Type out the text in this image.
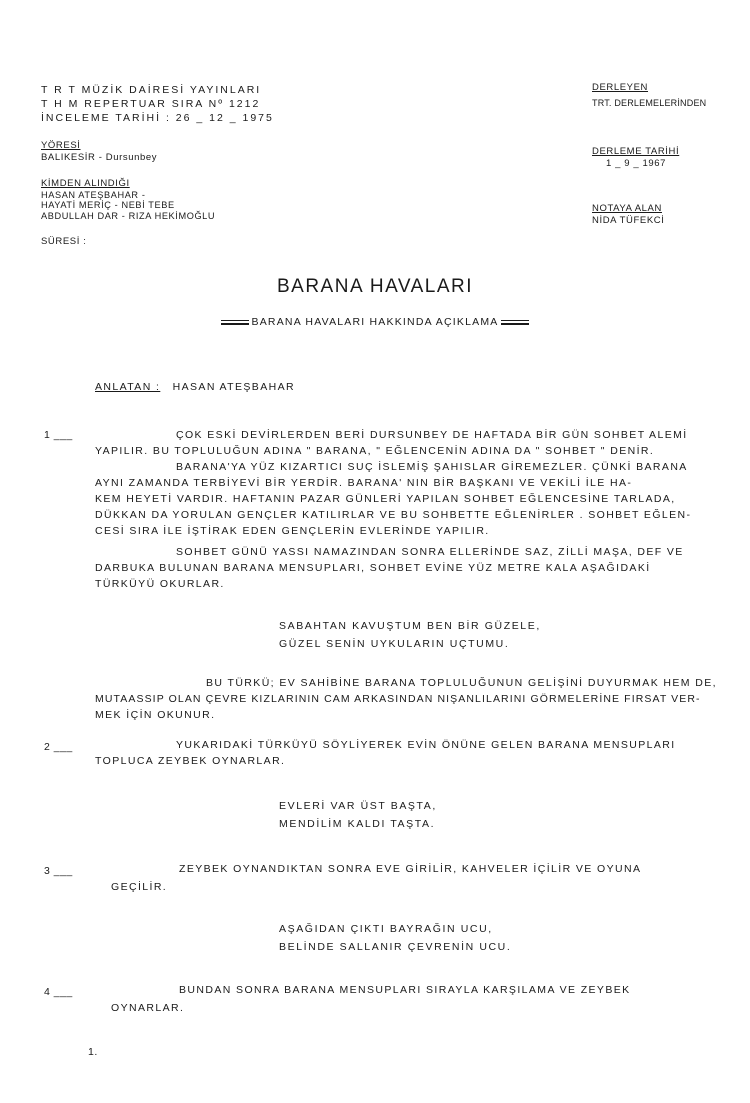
T R T MÜZİK DAİRESİ YAYINLARI
T H M REPERTUAR SIRA Nº 1212
İNCELEME TARİHİ : 26 _ 12 _ 1975
YÖRESİ
BALIKESİR - Dursunbey
KİMDEN ALINDIĞI
HASAN ATEŞBAHAR -
HAYATİ MERİÇ - NEBİ TEBE
ABDULLAH DAR - RIZA HEKİMOĞLU
SÜRESİ :
DERLEYEN
TRT. DERLEMELERİNDEN
DERLEME TARİHİ
1 _ 9 _ 1967
NOTAYA ALAN
NİDA TÜFEKCİ
BARANA HAVALARI
BARANA HAVALARI HAKKINDA AÇIKLAMA
ANLATAN : HASAN ATEŞBAHAR
1 ___	ÇOK ESKİ DEVİRLERDEN BERİ DURSUNBEY DE HAFTADA BİR GÜN SOHBET ALEMİ
YAPILIR. BU TOPLULUĞUN ADINA " BARANA, " EĞLENCENİN ADINA DA " SOHBET " DENİR.
BARANA'YA YÜZ KIZARTICI SUÇ İSLEMİŞ ŞAHISLAR GİREMEZLER. ÇÜNKİ BARANA
AYNI ZAMANDA TERBİYEVİ BİR YERDİR. BARANA' NIN BİR BAŞKANI VE VEKİLİ İLE HA-
KEM HEYETİ VARDIR. HAFTANIN PAZAR GÜNLERİ YAPILAN SOHBET EĞLENCESİNE TARLADA,
DÜKKAN DA YORULAN GENÇLER KATILIRLAR VE BU SOHBETTE EĞLENİRLER . SOHBET EĞLEN-
CESİ SIRA İLE İŞTİRAK EDEN GENÇLERİN EVLERİNDE YAPILIR.
SOHBET GÜNÜ YASSI NAMAZINDAN SONRA ELLERİNDE SAZ, ZİLLİ MAŞA, DEF VE
DARBUKA BULUNAN BARANA MENSUPLARI, SOHBET EVİNE YÜZ METRE KALA AŞAĞIDAKİ
TÜRKÜYÜ OKURLAR.
SABAHTAN KAVUŞTUM BEN BİR GÜZELE,
GÜZEL SENİN UYKULARIN UÇTUMU.
BU TÜRKÜ; EV SAHİBİNE BARANA TOPLULUĞUNUN GELİŞİNİ DUYURMAK HEM DE,
MUTAASSIP OLAN ÇEVRE KIZLARININ CAM ARKASINDAN NIŞANLILARINI GÖRMELERİNE FIRSAT VER-
MEK İÇİN OKUNUR.
2 ___	YUKARIDAKİ TÜRKÜYÜ SÖYLİYEREK EVİN ÖNÜNE GELEN BARANA MENSUPLARI
TOPLUCA ZEYBEK OYNARLAR.
EVLERİ VAR ÜST BAŞTA,
MENDİLİM KALDI TAŞTA.
3 ___	ZEYBEK OYNANDIKTAN SONRA EVE GİRİLİR, KAHVELER İÇİLİR VE OYUNA
GEÇİLİR.
AŞAĞIDAN ÇIKTI BAYRAĞIN UCU,
BELİNDE SALLANIR ÇEVRENİN UCU.
4 ___	BUNDAN SONRA BARANA MENSUPLARI SIRAYLA KARŞILAMA VE ZEYBEK
OYNARLAR.
1.
